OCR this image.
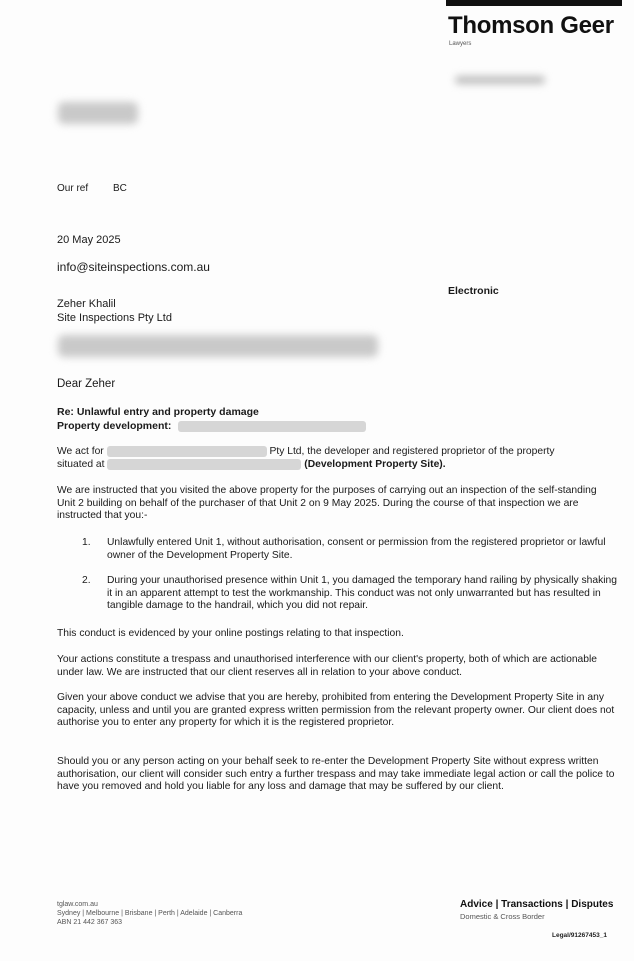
Thomson Geer
Lawyers
Our ref BC
20 May 2025
info@siteinspections.com.au
Electronic
Zeher Khalil
Site Inspections Pty Ltd
Dear Zeher
Re: Unlawful entry and property damage
Property development:
We act for	Pty Ltd, the developer and registered proprietor of the property
situated at	(Development Property Site).
We are instructed that you visited the above property for the purposes of carrying out an inspection of the self-standing Unit 2 building on behalf of the purchaser of that Unit 2 on 9 May 2025. During the course of that inspection we are instructed that you:-
1. Unlawfully entered Unit 1, without authorisation, consent or permission from the registered proprietor or lawful owner of the Development Property Site.
2. During your unauthorised presence within Unit 1, you damaged the temporary hand railing by physically shaking it in an apparent attempt to test the workmanship. This conduct was not only unwarranted but has resulted in tangible damage to the handrail, which you did not repair.
This conduct is evidenced by your online postings relating to that inspection.
Your actions constitute a trespass and unauthorised interference with our client's property, both of which are actionable under law. We are instructed that our client reserves all in relation to your above conduct.
Given your above conduct we advise that you are hereby, prohibited from entering the Development Property Site in any capacity, unless and until you are granted express written permission from the relevant property owner. Our client does not authorise you to enter any property for which it is the registered proprietor.
Should you or any person acting on your behalf seek to re-enter the Development Property Site without express written authorisation, our client will consider such entry a further trespass and may take immediate legal action or call the police to have you removed and hold you liable for any loss and damage that may be suffered by our client.
tglaw.com.au
Sydney | Melbourne | Brisbane | Perth | Adelaide | Canberra
ABN 21 442 367 363
Advice | Transactions | Disputes
Domestic & Cross Border
Legal/91267453_1
